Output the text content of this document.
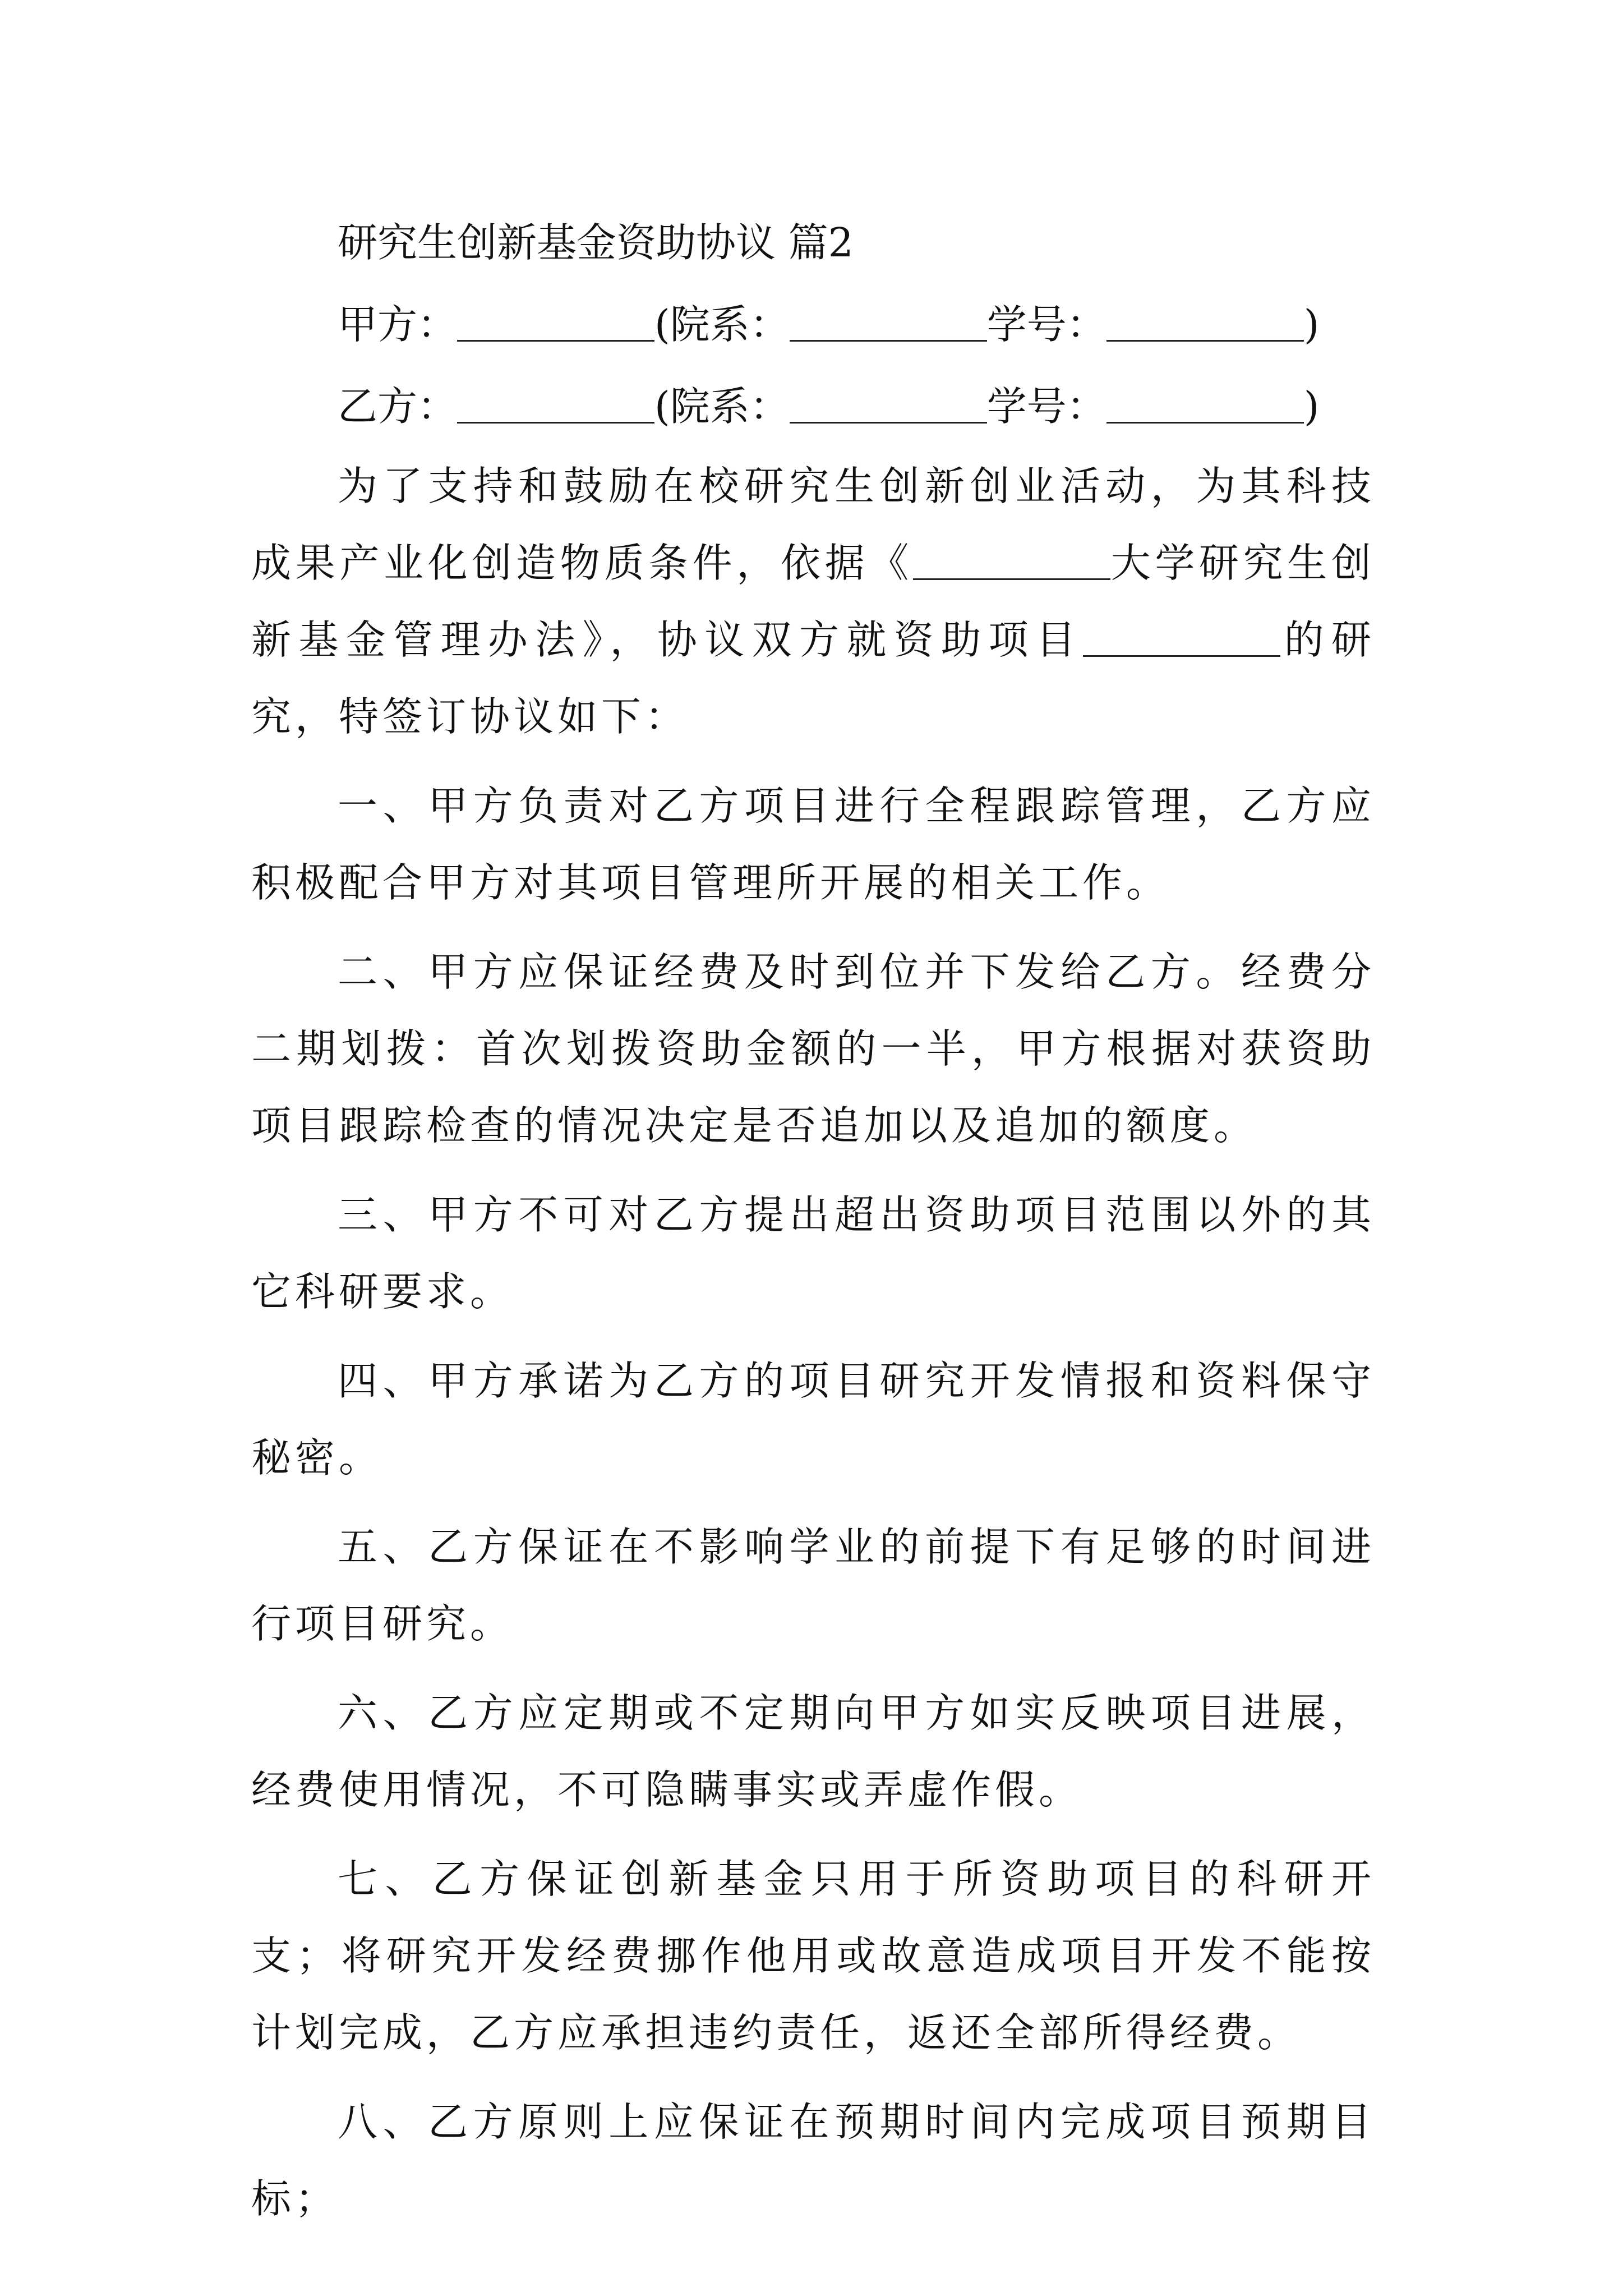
研究生创新基金资助协议 篇2
甲方：	(院系：	学号：	)
乙方：	(院系：	学号：	)

为了支持和鼓励在校研究生创新创业活动，为其科技成果产业化创造物质条件，依据《	大学研究生创新基金管理办法》，协议双方就资助项目	的研究，特签订协议如下：

一、甲方负责对乙方项目进行全程跟踪管理，乙方应积极配合甲方对其项目管理所开展的相关工作。

二、甲方应保证经费及时到位并下发给乙方。经费分二期划拨：首次划拨资助金额的一半，甲方根据对获资助项目跟踪检查的情况决定是否追加以及追加的额度。

三、甲方不可对乙方提出超出资助项目范围以外的其它科研要求。

四、甲方承诺为乙方的项目研究开发情报和资料保守秘密。

五、乙方保证在不影响学业的前提下有足够的时间进行项目研究。

六、乙方应定期或不定期向甲方如实反映项目进展，经费使用情况，不可隐瞒事实或弄虚作假。

七、乙方保证创新基金只用于所资助项目的科研开支；将研究开发经费挪作他用或故意造成项目开发不能按计划完成，乙方应承担违约责任，返还全部所得经费。

八、乙方原则上应保证在预期时间内完成项目预期目标；
